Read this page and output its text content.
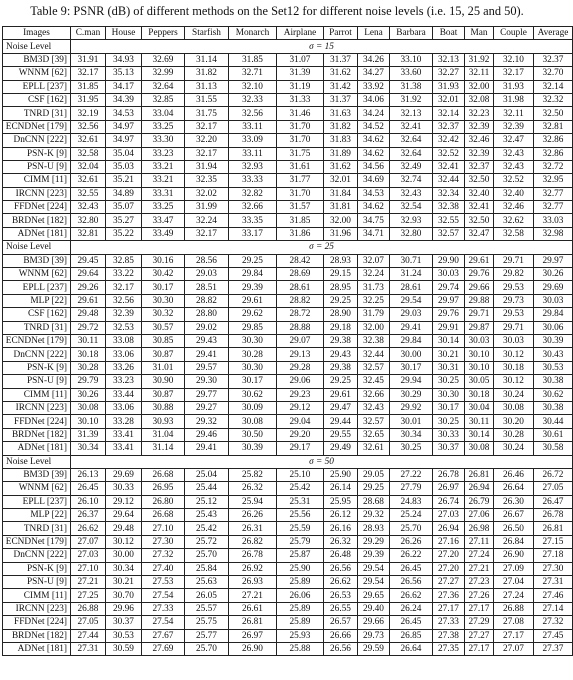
Table 9: PSNR (dB) of different methods on the Set12 for different noise levels (i.e. 15, 25 and 50).
Images	C.man	House	Peppers	Starfish	Monarch	Airplane	Parrot	Lena	Barbara	Boat	Man	Couple	Average
Noise Level	σ = 15												
BM3D [39]	31.91	34.93	32.69	31.14	31.85	31.07	31.37	34.26	33.10	32.13	31.92	32.10	32.37
WNNM [62]	32.17	35.13	32.99	31.82	32.71	31.39	31.62	34.27	33.60	32.27	32.11	32.17	32.70
EPLL [237]	31.85	34.17	32.64	31.13	32.10	31.19	31.42	33.92	31.38	31.93	32.00	31.93	32.14
CSF [162]	31.95	34.39	32.85	31.55	32.33	31.33	31.37	34.06	31.92	32.01	32.08	31.98	32.32
TNRD [31]	32.19	34.53	33.04	31.75	32.56	31.46	31.63	34.24	32.13	32.14	32.23	32.11	32.50
ECNDNet [179]	32.56	34.97	33.25	32.17	33.11	31.70	31.82	34.52	32.41	32.37	32.39	32.39	32.81
DnCNN [222]	32.61	34.97	33.30	32.20	33.09	31.70	31.83	34.62	32.64	32.42	32.46	32.47	32.86
PSN-K [9]	32.58	35.04	33.23	32.17	33.11	31.75	31.89	34.62	32.64	32.52	32.39	32.43	32.86
PSN-U [9]	32.04	35.03	33.21	31.94	32.93	31.61	31.62	34.56	32.49	32.41	32.37	32.43	32.72
CIMM [11]	32.61	35.21	33.21	32.35	33.33	31.77	32.01	34.69	32.74	32.44	32.50	32.52	32.95
IRCNN [223]	32.55	34.89	33.31	32.02	32.82	31.70	31.84	34.53	32.43	32.34	32.40	32.40	32.77
FFDNet [224]	32.43	35.07	33.25	31.99	32.66	31.57	31.81	34.62	32.54	32.38	32.41	32.46	32.77
BRDNet [182]	32.80	35.27	33.47	32.24	33.35	31.85	32.00	34.75	32.93	32.55	32.50	32.62	33.03
ADNet [181]	32.81	35.22	33.49	32.17	33.17	31.86	31.96	34.71	32.80	32.57	32.47	32.58	32.98
Noise Level	σ = 25												
BM3D [39]	29.45	32.85	30.16	28.56	29.25	28.42	28.93	32.07	30.71	29.90	29.61	29.71	29.97
WNNM [62]	29.64	33.22	30.42	29.03	29.84	28.69	29.15	32.24	31.24	30.03	29.76	29.82	30.26
EPLL [237]	29.26	32.17	30.17	28.51	29.39	28.61	28.95	31.73	28.61	29.74	29.66	29.53	29.69
MLP [22]	29.61	32.56	30.30	28.82	29.61	28.82	29.25	32.25	29.54	29.97	29.88	29.73	30.03
CSF [162]	29.48	32.39	30.32	28.80	29.62	28.72	28.90	31.79	29.03	29.76	29.71	29.53	29.84
TNRD [31]	29.72	32.53	30.57	29.02	29.85	28.88	29.18	32.00	29.41	29.91	29.87	29.71	30.06
ECNDNet [179]	30.11	33.08	30.85	29.43	30.30	29.07	29.38	32.38	29.84	30.14	30.03	30.03	30.39
DnCNN [222]	30.18	33.06	30.87	29.41	30.28	29.13	29.43	32.44	30.00	30.21	30.10	30.12	30.43
PSN-K [9]	30.28	33.26	31.01	29.57	30.30	29.28	29.38	32.57	30.17	30.31	30.10	30.18	30.53
PSN-U [9]	29.79	33.23	30.90	29.30	30.17	29.06	29.25	32.45	29.94	30.25	30.05	30.12	30.38
CIMM [11]	30.26	33.44	30.87	29.77	30.62	29.23	29.61	32.66	30.29	30.30	30.18	30.24	30.62
IRCNN [223]	30.08	33.06	30.88	29.27	30.09	29.12	29.47	32.43	29.92	30.17	30.04	30.08	30.38
FFDNet [224]	30.10	33.28	30.93	29.32	30.08	29.04	29.44	32.57	30.01	30.25	30.11	30.20	30.44
BRDNet [182]	31.39	33.41	31.04	29.46	30.50	29.20	29.55	32.65	30.34	30.33	30.14	30.28	30.61
ADNet [181]	30.34	33.41	31.14	29.41	30.39	29.17	29.49	32.61	30.25	30.37	30.08	30.24	30.58
Noise Level	σ = 50												
BM3D [39]	26.13	29.69	26.68	25.04	25.82	25.10	25.90	29.05	27.22	26.78	26.81	26.46	26.72
WNNM [62]	26.45	30.33	26.95	25.44	26.32	25.42	26.14	29.25	27.79	26.97	26.94	26.64	27.05
EPLL [237]	26.10	29.12	26.80	25.12	25.94	25.31	25.95	28.68	24.83	26.74	26.79	26.30	26.47
MLP [22]	26.37	29.64	26.68	25.43	26.26	25.56	26.12	29.32	25.24	27.03	27.06	26.67	26.78
TNRD [31]	26.62	29.48	27.10	25.42	26.31	25.59	26.16	28.93	25.70	26.94	26.98	26.50	26.81
ECNDNet [179]	27.07	30.12	27.30	25.72	26.82	25.79	26.32	29.29	26.26	27.16	27.11	26.84	27.15
DnCNN [222]	27.03	30.00	27.32	25.70	26.78	25.87	26.48	29.39	26.22	27.20	27.24	26.90	27.18
PSN-K [9]	27.10	30.34	27.40	25.84	26.92	25.90	26.56	29.54	26.45	27.20	27.21	27.09	27.30
PSN-U [9]	27.21	30.21	27.53	25.63	26.93	25.89	26.62	29.54	26.56	27.27	27.23	27.04	27.31
CIMM [11]	27.25	30.70	27.54	26.05	27.21	26.06	26.53	29.65	26.62	27.36	27.26	27.24	27.46
IRCNN [223]	26.88	29.96	27.33	25.57	26.61	25.89	26.55	29.40	26.24	27.17	27.17	26.88	27.14
FFDNet [224]	27.05	30.37	27.54	25.75	26.81	25.89	26.57	29.66	26.45	27.33	27.29	27.08	27.32
BRDNet [182]	27.44	30.53	27.67	25.77	26.97	25.93	26.66	29.73	26.85	27.38	27.27	27.17	27.45
ADNet [181]	27.31	30.59	27.69	25.70	26.90	25.88	26.56	29.59	26.64	27.35	27.17	27.07	27.37
